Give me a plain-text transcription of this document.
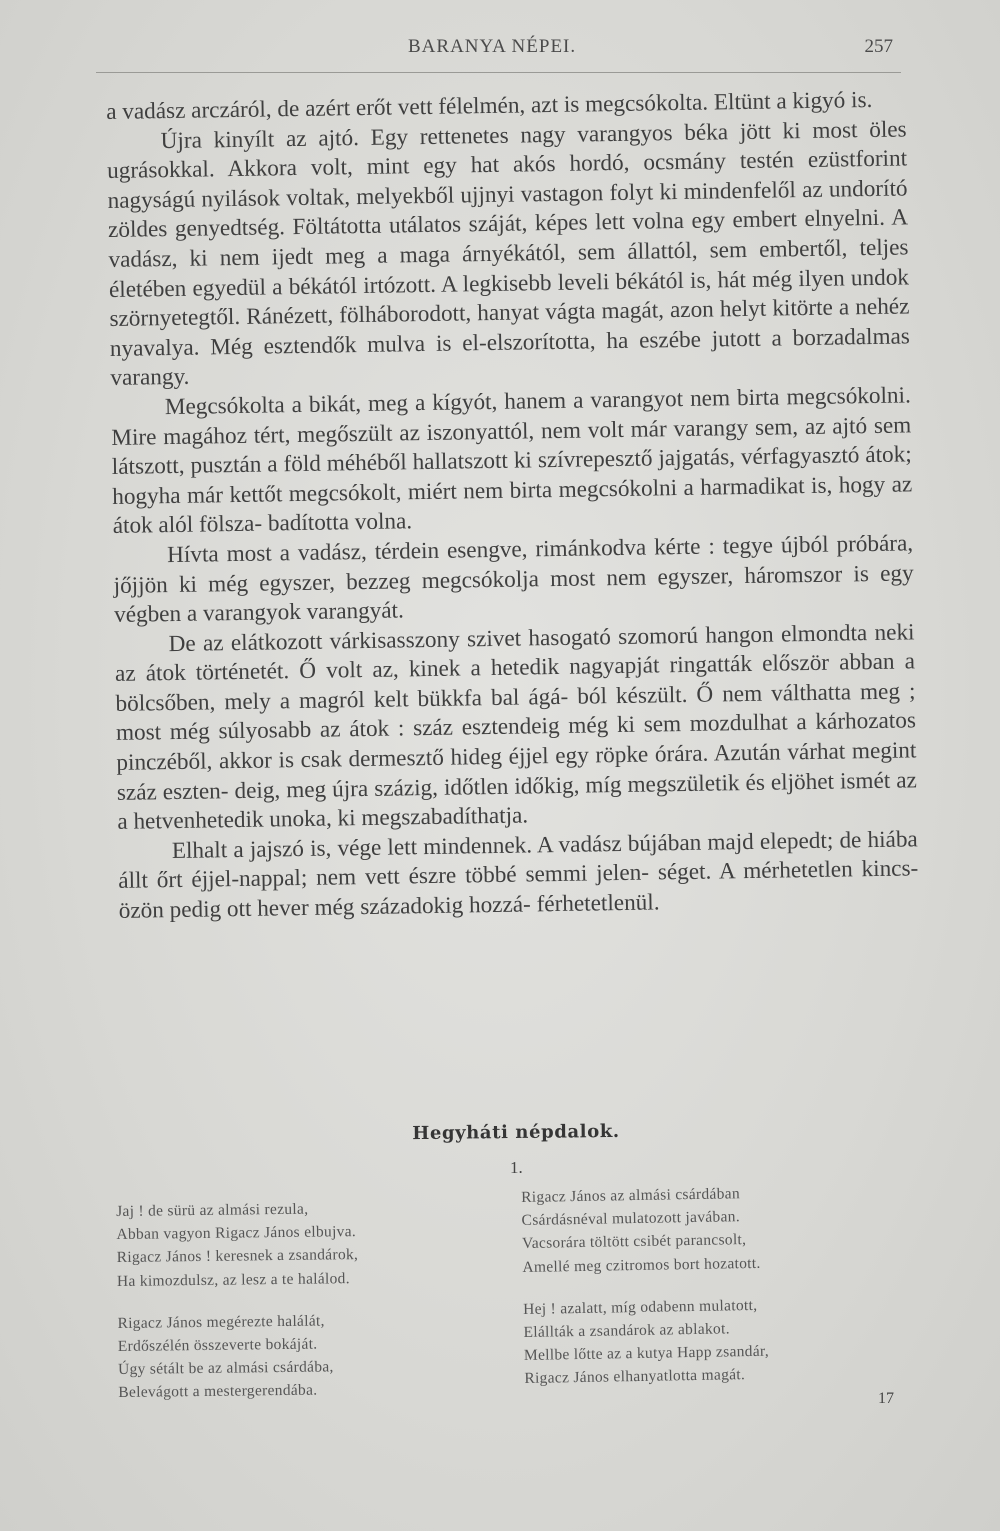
BARANYA NÉPEI.	257

a vadász arczáról, de azért erőt vett félelmén, azt is megcsókolta. Eltünt a kigyó is.

Újra kinyílt az ajtó. Egy rettenetes nagy varangyos béka jött ki most öles ugrásokkal. Akkora volt, mint egy hat akós hordó, ocsmány testén ezüstforint nagyságú nyilások voltak, melyekből ujjnyi vastagon folyt ki mindenfelől az undorító zöldes genyedtség. Föltátotta utálatos száját, képes lett volna egy embert elnyelni. A vadász, ki nem ijedt meg a maga árnyékától, sem állattól, sem embertől, teljes életében egyedül a békától irtózott. A legkisebb leveli békától is, hát még ilyen undok szörnyetegtől. Ránézett, fölháborodott, hanyat vágta magát, azon helyt kitörte a nehéz nyavalya. Még esztendők mulva is el-elszorította, ha eszébe jutott a borzadalmas varangy.

Megcsókolta a bikát, meg a kígyót, hanem a varangyot nem birta megcsókolni. Mire magához tért, megőszült az iszonyattól, nem volt már varangy sem, az ajtó sem látszott, pusztán a föld méhéből hallatszott ki szívrepesztő jajgatás, vérfagyasztó átok; hogyha már kettőt megcsókolt, miért nem birta megcsókolni a harmadikat is, hogy az átok alól fölsza- badította volna.

Hívta most a vadász, térdein esengve, rimánkodva kérte : tegye újból próbára, jőjjön ki még egyszer, bezzeg megcsókolja most nem egyszer, háromszor is egy végben a varangyok varangyát.

De az elátkozott várkisasszony szivet hasogató szomorú hangon elmondta neki az átok történetét. Ő volt az, kinek a hetedik nagyapját ringatták először abban a bölcsőben, mely a magról kelt bükkfa bal ágá- ból készült. Ő nem válthatta meg ; most még súlyosabb az átok : száz esztendeig még ki sem mozdulhat a kárhozatos pinczéből, akkor is csak dermesztő hideg éjjel egy röpke órára. Azután várhat megint száz eszten- deig, meg újra százig, időtlen időkig, míg megszületik és eljöhet ismét az a hetvenhetedik unoka, ki megszabadíthatja.

Elhalt a jajszó is, vége lett mindennek. A vadász bújában majd elepedt; de hiába állt őrt éjjel-nappal; nem vett észre többé semmi jelen- séget. A mérhetetlen kincs-özön pedig ott hever még századokig hozzá- férhetetlenül.

Hegyháti népdalok.
1.
Jaj ! de sürü az almási rezula,
Abban vagyon Rigacz János elbujva.
Rigacz János ! keresnek a zsandárok,
Ha kimozdulsz, az lesz a te halálod.
Rigacz János megérezte halálát,
Erdőszélén összeverte bokáját.
Úgy sétált be az almási csárdába,
Belevágott a mestergerendába.
Rigacz János az almási csárdában
Csárdásnéval mulatozott javában.
Vacsorára töltött csibét parancsolt,
Amellé meg czitromos bort hozatott.
Hej ! azalatt, míg odabenn mulatott,
Elállták a zsandárok az ablakot.
Mellbe lőtte az a kutya Happ zsandár,
Rigacz János elhanyatlotta magát.
17
